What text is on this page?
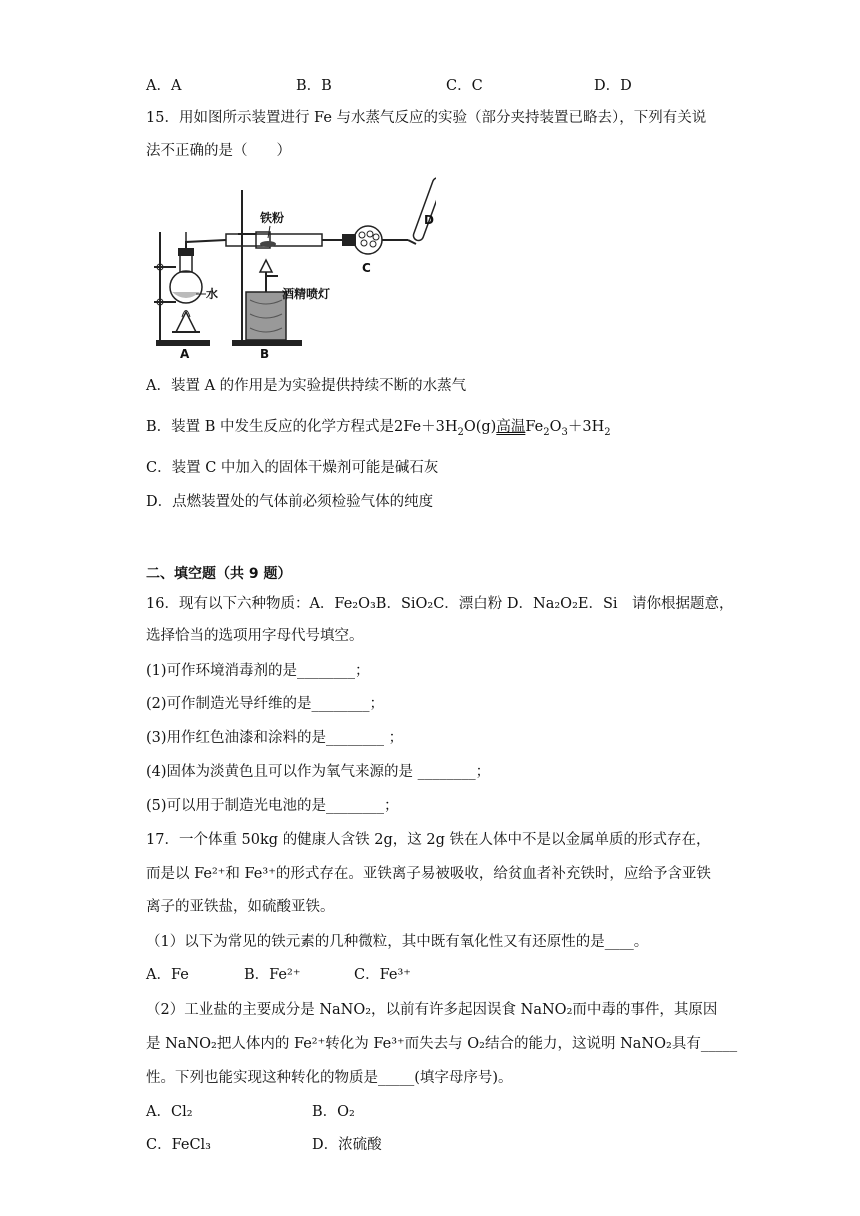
A．A	B．B	C．C	D．D
15．用如图所示装置进行 Fe 与水蒸气反应的实验（部分夹持装置已略去），下列有关说
法不正确的是（　　）
A
水
铁粉
酒精喷灯
B
C
D
A．装置 A 的作用是为实验提供持续不断的水蒸气
B．装置 B 中发生反应的化学方程式是$2Fe+3H_2O(g)$高温$Fe_2O_3+3H_2$
C．装置 C 中加入的固体干燥剂可能是碱石灰
D．点燃装置处的气体前必须检验气体的纯度
二、填空题（共 9 题）
16．现有以下六种物质：A．Fe₂O₃B．SiO₂C．漂白粉 D．Na₂O₂E．Si　请你根据题意，
选择恰当的选项用字母代号填空。
(1)可作环境消毒剂的是________；
(2)可作制造光导纤维的是________；
(3)用作红色油漆和涂料的是________ ；
(4)固体为淡黄色且可以作为氧气来源的是 ________；
(5)可以用于制造光电池的是________；
17．一个体重 50kg 的健康人含铁 2g，这 2g 铁在人体中不是以金属单质的形式存在，
而是以 Fe²⁺和 Fe³⁺的形式存在。亚铁离子易被吸收，给贫血者补充铁时，应给予含亚铁
离子的亚铁盐，如硫酸亚铁。
（1）以下为常见的铁元素的几种微粒，其中既有氧化性又有还原性的是____。
A．Fe	B．Fe²⁺	C．Fe³⁺
（2）工业盐的主要成分是 NaNO₂，以前有许多起因误食 NaNO₂而中毒的事件，其原因
是 NaNO₂把人体内的 Fe²⁺转化为 Fe³⁺而失去与 O₂结合的能力，这说明 NaNO₂具有_____
性。下列也能实现这种转化的物质是_____(填字母序号)。
A．Cl₂	B．O₂
C．FeCl₃	D．浓硫酸
